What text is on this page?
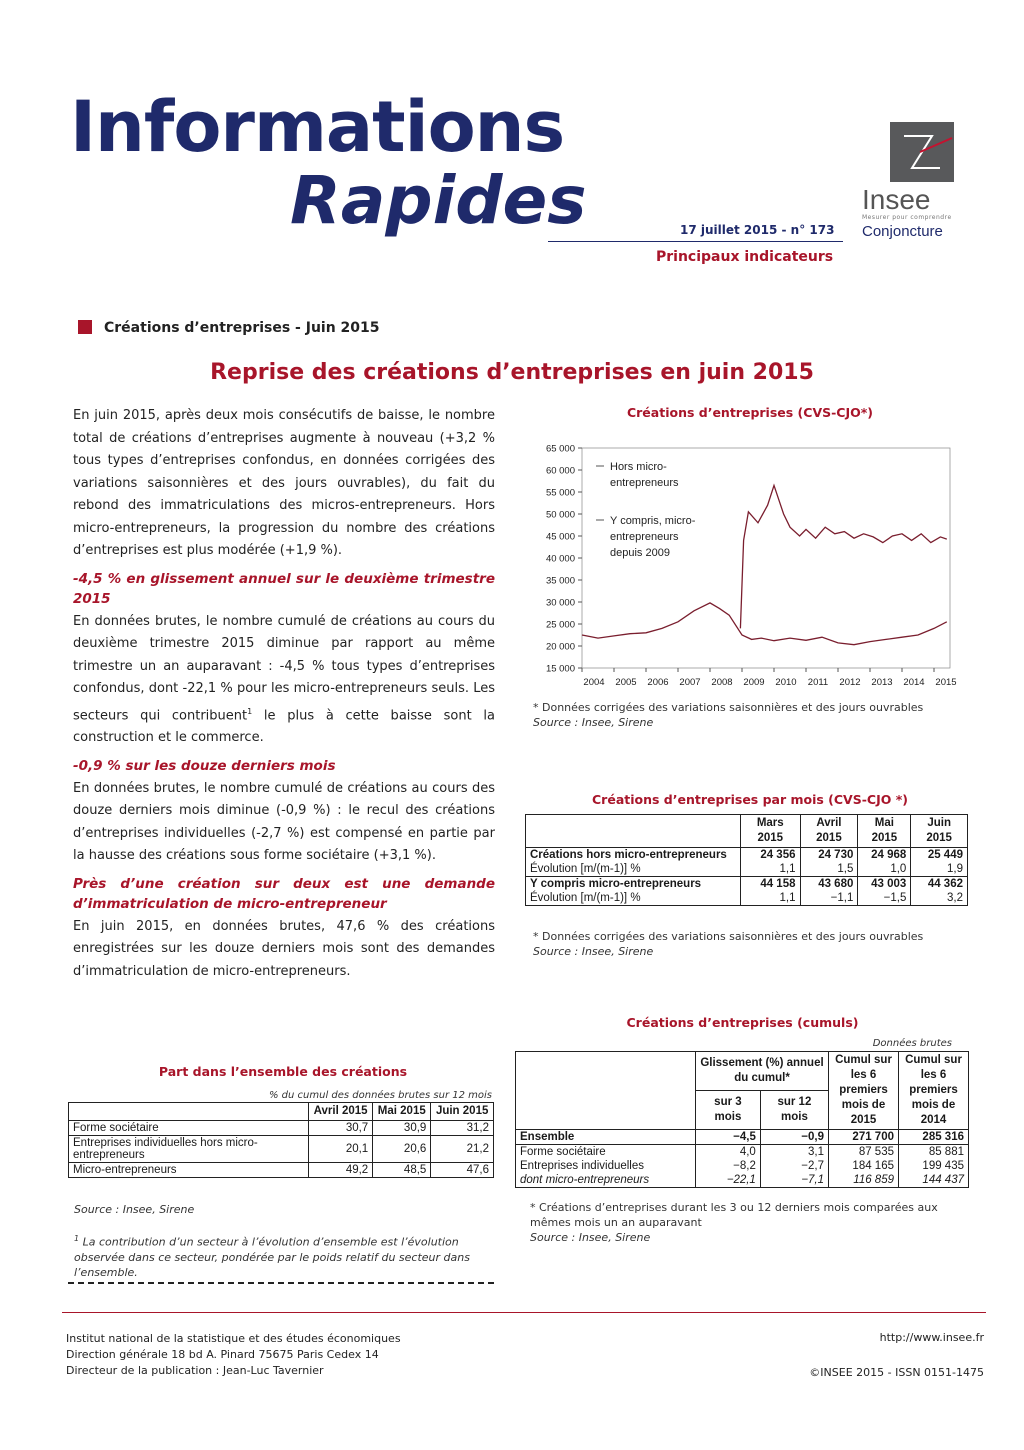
Informations
Rapides	17 juillet 2015 - n° 173
Principaux indicateurs
Insee
Mesurer pour comprendre
Conjoncture
Créations d’entreprises - Juin 2015
Reprise des créations d’entreprises en juin 2015

En juin 2015, après deux mois consécutifs de baisse, le nombre total de créations d’entreprises augmente à nouveau (+3,2 % tous types d’entreprises confondus, en données corrigées des variations saisonnières et des jours ouvrables), du fait du rebond des immatriculations des micros-entrepreneurs. Hors micro-entrepreneurs, la progression du nombre des créations d’entreprises est plus modérée (+1,9 %).

-4,5 % en glissement annuel sur le deuxième trimestre 2015

En données brutes, le nombre cumulé de créations au cours du deuxième trimestre 2015 diminue par rapport au même trimestre un an auparavant : -4,5 % tous types d’entreprises confondus, dont -22,1 % pour les micro-entrepreneurs seuls. Les secteurs qui contribuent$^1$ le plus à cette baisse sont la construction et le commerce.

-0,9 % sur les douze derniers mois

En données brutes, le nombre cumulé de créations au cours des douze derniers mois diminue (-0,9 %) : le recul des créations d’entreprises individuelles (-2,7 %) est compensé en partie par la hausse des créations sous forme sociétaire (+3,1 %).

Près d’une création sur deux est une demande d’immatriculation de micro-entrepreneur

En juin 2015, en données brutes, 47,6 % des créations enregistrées sur les douze derniers mois sont des demandes d’immatriculation de micro-entrepreneurs.

Créations d’entreprises (CVS-CJO*)
15 000
20 000
25 000
30 000
35 000
40 000
45 000
50 000
55 000
60 000
65 000
2004 2005 2006 2007 2008 2009 2010 2011 2012 2013 2014 2015
Hors micro-
entrepreneurs
Y compris, micro-
entrepreneurs
depuis 2009
* Données corrigées des variations saisonnières et des jours ouvrables
Source : Insee, Sirene
Créations d’entreprises par mois (CVS-CJO *)
	Mars 2015	Avril 2015	Mai 2015	Juin 2015
Créations hors micro-entrepreneurs	24 356	24 730	24 968	25 449
Évolution [m/(m-1)] %	1,1	1,5	1,0	1,9
Y compris micro-entrepreneurs	44 158	43 680	43 003	44 362
Évolution [m/(m-1)] %	1,1	−1,1	−1,5	3,2
* Données corrigées des variations saisonnières et des jours ouvrables
Source : Insee, Sirene
Part dans l’ensemble des créations
% du cumul des données brutes sur 12 mois
	Avril 2015	Mai 2015	Juin 2015
Forme sociétaire	30,7	30,9	31,2
Entreprises individuelles hors micro-entrepreneurs	20,1	20,6	21,2
Micro-entrepreneurs	49,2	48,5	47,6
Source : Insee, Sirene
$^1$ La contribution d’un secteur à l’évolution d’ensemble est l’évolution observée dans ce secteur, pondérée par le poids relatif du secteur dans l’ensemble.
Créations d’entreprises (cumuls)
Données brutes
	Glissement (%) annuel du cumul*		Cumul sur les 6 premiers mois de 2015	Cumul sur les 6 premiers mois de 2014
	sur 3 mois	sur 12 mois		
Ensemble	−4,5	−0,9	271 700	285 316
Forme sociétaire	4,0	3,1	87 535	85 881
Entreprises individuelles	−8,2	−2,7	184 165	199 435
dont micro-entrepreneurs	−22,1	−7,1	116 859	144 437
* Créations d’entreprises durant les 3 ou 12 derniers mois comparées aux mêmes mois un an auparavant
Source : Insee, Sirene
Institut national de la statistique et des études économiques
Direction générale 18 bd A. Pinard 75675 Paris Cedex 14
Directeur de la publication : Jean-Luc Tavernier
http://www.insee.fr
©INSEE 2015 - ISSN 0151-1475
